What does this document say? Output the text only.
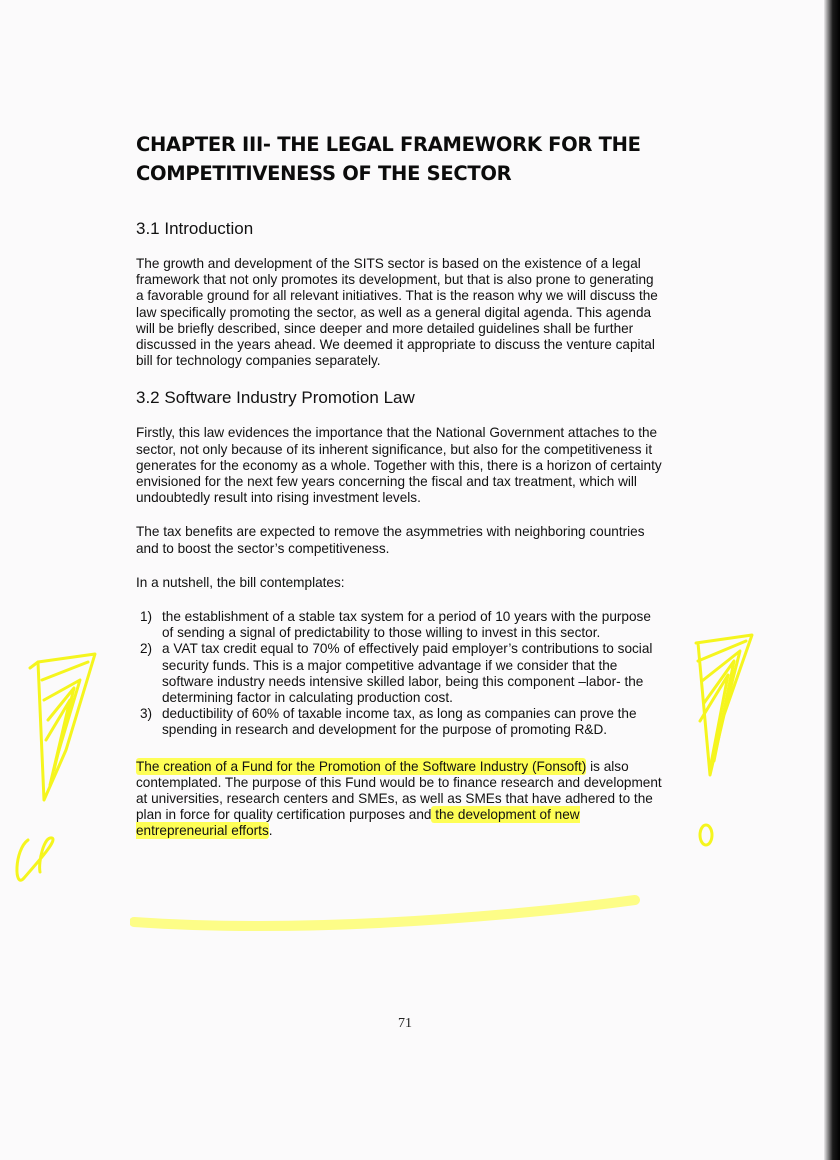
CHAPTER III- THE LEGAL FRAMEWORK FOR THE
COMPETITIVENESS OF THE SECTOR
3.1 Introduction

The growth and development of the SITS sector is based on the existence of a legal framework that not only promotes its development, but that is also prone to generating a favorable ground for all relevant initiatives. That is the reason why we will discuss the law specifically promoting the sector, as well as a general digital agenda. This agenda will be briefly described, since deeper and more detailed guidelines shall be further discussed in the years ahead. We deemed it appropriate to discuss the venture capital bill for technology companies separately.

3.2 Software Industry Promotion Law

Firstly, this law evidences the importance that the National Government attaches to the sector, not only because of its inherent significance, but also for the competitiveness it generates for the economy as a whole. Together with this, there is a horizon of certainty envisioned for the next few years concerning the fiscal and tax treatment, which will undoubtedly result into rising investment levels.

The tax benefits are expected to remove the asymmetries with neighboring countries and to boost the sector’s competitiveness.

In a nutshell, the bill contemplates:

1) the establishment of a stable tax system for a period of 10 years with the purpose of sending a signal of predictability to those willing to invest in this sector.
2) a VAT tax credit equal to 70% of effectively paid employer’s contributions to social security funds. This is a major competitive advantage if we consider that the software industry needs intensive skilled labor, being this component –labor- the determining factor in calculating production cost.
3) deductibility of 60% of taxable income tax, as long as companies can prove the spending in research and development for the purpose of promoting R&D.

The creation of a Fund for the Promotion of the Software Industry (Fonsoft) is also contemplated. The purpose of this Fund would be to finance research and development at universities, research centers and SMEs, as well as SMEs that have adhered to the plan in force for quality certification purposes and the development of new entrepreneurial efforts.

71
